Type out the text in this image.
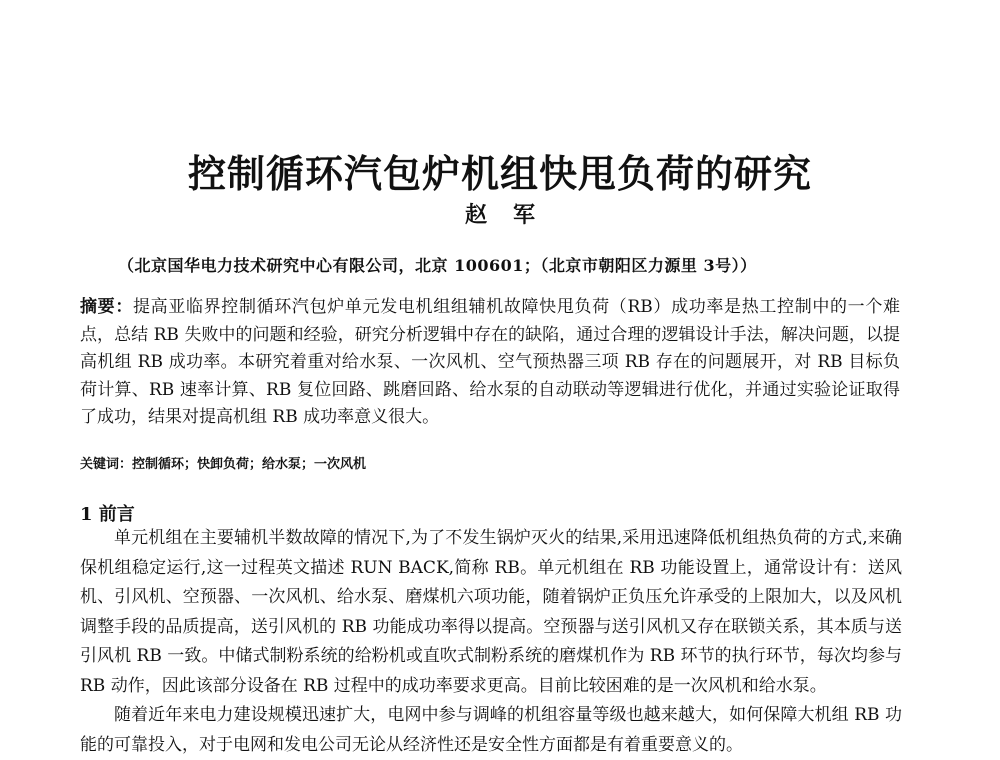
控制循环汽包炉机组快甩负荷的研究
赵军
（北京国华电力技术研究中心有限公司，北京 100601；（北京市朝阳区力源里 3号））

摘要：提高亚临界控制循环汽包炉单元发电机组组辅机故障快甩负荷（RB）成功率是热工控制中的一个难点，总结 RB 失败中的问题和经验，研究分析逻辑中存在的缺陷，通过合理的逻辑设计手法，解决问题，以提高机组 RB 成功率。本研究着重对给水泵、一次风机、空气预热器三项 RB 存在的问题展开，对 RB 目标负荷计算、RB 速率计算、RB 复位回路、跳磨回路、给水泵的自动联动等逻辑进行优化，并通过实验论证取得了成功，结果对提高机组 RB 成功率意义很大。

关键词：控制循环；快卸负荷；给水泵；一次风机

1 前言

单元机组在主要辅机半数故障的情况下,为了不发生锅炉灭火的结果,采用迅速降低机组热负荷的方式,来确保机组稳定运行,这一过程英文描述 RUN BACK,简称 RB。单元机组在 RB 功能设置上，通常设计有：送风机、引风机、空预器、一次风机、给水泵、磨煤机六项功能，随着锅炉正负压允许承受的上限加大，以及风机调整手段的品质提高，送引风机的 RB 功能成功率得以提高。空预器与送引风机又存在联锁关系，其本质与送引风机 RB 一致。中储式制粉系统的给粉机或直吹式制粉系统的磨煤机作为 RB 环节的执行环节，每次均参与 RB 动作，因此该部分设备在 RB 过程中的成功率要求更高。目前比较困难的是一次风机和给水泵。

随着近年来电力建设规模迅速扩大，电网中参与调峰的机组容量等级也越来越大，如何保障大机组 RB 功能的可靠投入，对于电网和发电公司无论从经济性还是安全性方面都是有着重要意义的。
